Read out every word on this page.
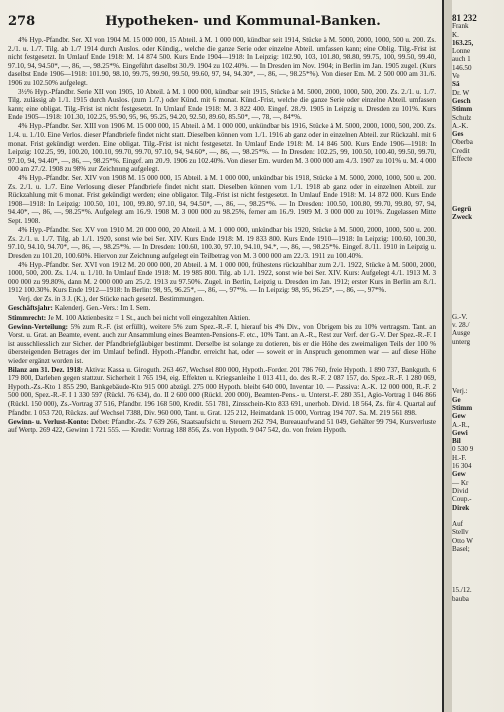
278	Hypotheken- und Kommunal-Banken.

4% Hyp.-Pfandbr. Ser. XI von 1904 M. 15 000 000, 15 Abteil. à M. 1 000 000, kündbar seit 1914, Stücke à M. 5000, 2000, 1000, 500 u. 200. Zs. 2./1. u. 1./7. Tilg. ab 1./7 1914 durch Auslos. oder Kündig., welche die ganze Serie oder einzelne Abteil. umfassen kann; eine Oblig. Tilg.-Frist ist nicht festgesetzt. In Umlauf Ende 1918: M. 14 874 500. Kurs Ende 1904—1918: In Leipzig: 102.90, 103, 101.80, 98.80, 99.75, 100, 99.50, 99.40, 97.10, 94, 94.50*, —, 86, —, 98.25*%. Eingeführt daselbst 30./9. 1904 zu 102.40%. — In Dresden im Nov. 1904; in Berlin im Jan. 1905 zugel. (Kurs daselbst Ende 1906—1918: 101.90, 98.10, 99.75, 99.90, 99.50, 99.60, 97, 94, 94.30*, —, 86, —, 98.25*%). Von dieser Em. M. 2 500 000 am 31./6. 1906 zu 102.50% aufgelegt.

3½% Hyp.-Pfandbr. Serie XII von 1905, 10 Abteil. à M. 1 000 000, kündbar seit 1915, Stücke à M. 5000, 2000, 1000, 500, 200. Zs. 2./1. u. 1./7. Tilg. zulässig ab 1./1. 1915 durch Auslos. (zum 1./7.) oder Künd. mit 6 monat. Künd.-Frist, welche die ganze Serie oder einzelne Abteil. umfassen kann; eine obligat. Tilg.-Frist ist nicht festgesetzt. In Umlauf Ende 1918: M. 3 822 400. Eingef. 28./9. 1905 in Leipzig u. Dresden zu 101%. Kurs Ende 1905—1918: 101.30, 102.25, 95.90, 95, 96, 95.25, 94.20, 92.50, 89.60, 85.50*, —, 78, —, 84*%.

4% Hyp.-Pfandbr. Ser. XIII von 1906 M. 15 000 000, 15 Abteil. à M. 1 000 000, unkündbar bis 1916, Stücke à M. 5000, 2000, 1000, 500, 200. Zs. 1./4. u. 1./10. Eine Verlos. dieser Pfandbriefe findet nicht statt. Dieselben können vom 1./1. 1916 ab ganz oder in einzelnen Abteil. zur Rückzahl. mit 6 monat. Frist gekündigt werden. Eine obligat. Tilg.-Frist ist nicht festgesetzt. In Umlauf Ende 1918: M. 14 846 500. Kurs Ende 1906—1918: In Leipzig: 102.25, 99, 100.20, 100.10, 99.70, 99.70, 97.10, 94, 94.60*, —, 86, —, 98.25*%. — In Dresden: 102.25, 99, 100.50, 100.40, 99.50, 99.70, 97.10, 94, 94.40*, —, 86, —, 98.25*%. Eingef. am 20./9. 1906 zu 102.40%. Von dieser Em. wurden M. 3 000 000 am 4./3. 1907 zu 101% u. M. 4 000 000 am 27./2. 1908 zu 98% zur Zeichnung aufgelegt.

4% Hyp.-Pfandbr. Ser. XIV von 1908 M. 15 000 000, 15 Abteil. à M. 1 000 000, unkündbar bis 1918, Stücke à M. 5000, 2000, 1000, 500 u. 200. Zs. 2./1. u. 1./7. Eine Verlosung dieser Pfandbriefe findet nicht statt. Dieselben können vom 1./1. 1918 ab ganz oder in einzelnen Abteil. zur Rückzahlung mit 6 monat. Frist gekündigt werden; eine obligator. Tilg.-Frist ist nicht festgesetzt. In Umlauf Ende 1918: M. 14 872 000. Kurs Ende 1908—1918: In Leipzig: 100.50, 101, 100, 99.80, 97.10, 94, 94.50*, —, 86, —, 98.25*%. — In Dresden: 100.50, 100.80, 99.70, 99.80, 97, 94, 94.40*, —, 86, —, 98.25*%. Aufgelegt am 16./9. 1908 M. 3 000 000 zu 98.25%, ferner am 16./9. 1909 M. 3 000 000 zu 101%. Zugelassen Mitte Sept. 1908.

4% Hyp.-Pfandbr. Ser. XV von 1910 M. 20 000 000, 20 Abteil. à M. 1 000 000, unkündbar bis 1920, Stücke à M. 5000, 2000, 1000, 500 u. 200. Zs. 2./1. u. 1./7. Tilg. ab 1./1. 1920, sonst wie bei Ser. XIV. Kurs Ende 1918: M. 19 833 800. Kurs Ende 1910—1918: In Leipzig: 100.60, 100.30, 97.10, 94.10, 94.70*, —, 86, —, 98.25*%. — In Dresden: 100.60, 100.30, 97.10, 94.10, 94.*, —, 86, —, 98.25*%. Eingef. 8./11. 1910 in Leipzig u. Dresden zu 101.20, 100.60%. Hiervon zur Zeichnung aufgelegt ein Teilbetrag von M. 3 000 000 am 22./3. 1911 zu 100.40%.

4% Hyp.-Pfandbr. Ser. XVI von 1912 M. 20 000 000, 20 Abteil. à M. 1 000 000, frühestens rückzahlbar zum 2./1. 1922, Stücke à M. 5000, 2000, 1000, 500, 200. Zs. 1./4. u. 1./10. In Umlauf Ende 1918: M. 19 985 800. Tilg. ab 1./1. 1922, sonst wie bei Ser. XIV. Kurs: Aufgelegt 4./1. 1913 M. 3 000 000 zu 99.80%, dann M. 2 000 000 am 25./2. 1913 zu 97.50%. Zugel. in Berlin, Leipzig u. Dresden im Jan. 1912; erster Kurs in Berlin am 8./1. 1912 100.30%. Kurs Ende 1912—1918: In Berlin: 98, 95, 96.25*, —, 86, —, 97*%. — In Leipzig: 98, 95, 96.25*, —, 86, —, 97*%.

Verj. der Zs. in 3 J. (K.), der Stücke nach gesetzl. Bestimmungen.

Geschäftsjahr: Kalenderj. Gen.-Vers.: Im I. Sem.

Stimmrecht: Je M. 100 Aktienbesitz = 1 St., auch bei nicht voll eingezahlten Aktien.

Gewinn-Verteilung: 5% zum R.-F. (ist erfüllt), weitere 5% zum Spez.-R.-F. I, hierauf bis 4% Div., von Übrigem bis zu 10% vertragsm. Tant. an Vorst. u. Grat. an Beamte, event. auch zur Ansammlung eines Beamten-Pensions-F. etc., 10% Tant. an A.-R., Rest zur Verf. der G.-V. Der Spez.-R.-F. I ist ausschliesslich zur Sicher. der Pfandbriefgläubiger bestimmt. Derselbe ist solange zu dotieren, bis er die Höhe des zweimaligen Teils der 100 % übersteigenden Betrages der im Umlauf befindl. Hypoth.-Pfandbr. erreicht hat, oder — soweit er in Anspruch genommen war — auf diese Höhe wieder ergänzt worden ist.

Bilanz am 31. Dez. 1918: Aktiva: Kassa u. Giroguth. 263 467, Wechsel 800 000, Hypoth.-Forder. 201 786 760, freie Hypoth. 1 890 737, Bankguth. 6 179 800, Darlehen gegen stattzur. Sicherheit 1 765 194, eig. Effekten u. Kriegsanleihe 1 013 411, do. des R.-F. 2 087 157, do. Spez.-R.-F. 1 280 069, Hypoth.-Zs.-Kto 1 855 290, Bankgebäude-Kto 915 000 abzügl. 275 000 Hypoth. bleibt 640 000, Inventar 10. — Passiva: A.-K. 12 000 000, R.-F. 2 500 000, Spez.-R.-F. I 1 330 597 (Rückl. 76 634), do. II 2 600 000 (Rückl. 200 000), Beamten-Pens.- u. Unterst.-F. 280 351, Agio-Vortrag 1 046 866 (Rückl. 150 000), Zs.-Vortrag 37 516, Pfandbr. 196 168 500, Kredit. 551 781, Zinsschein-Kto 833 691, unerhob. Divid. 18 564, Zs. für 4. Quartal auf Pfandbr. 1 053 720, Rückzs. auf Wechsel 7388, Div. 960 000, Tant. u. Grat. 125 212, Heimatdank 15 000, Vortrag 194 707. Sa. M. 219 561 898.

Gewinn- u. Verlust-Konto: Debet: Pfandbr.-Zs. 7 639 266, Staatsaufsicht u. Steuern 262 794, Bureauaufwand 51 049, Gehälter 99 794, Kursverluste auf Wertp. 269 422, Gewinn 1 721 555. — Kredit: Vortrag 188 856, Zs. von Hypoth. 9 047 542, do. von freien Hypoth.

81 232
Frank
K.
163.25,
Lonne
auch 1
146.50
Ve
Sä
Dr. W
Gesch
Stimm
Schulz
A.-K.
Ges
Oberba
Credit
Effecte
Gegrü
Zweck
G.-V.
v. 28./
Ausge
unterg
Verj.:
Ge
Stimm
Gew
A.-R.,
Gewi
Bil
0 530 9
H.-F.
16 304
Gew
— Kr
Divid
Coup.-
Direk
Auf
Stellv
Otto W
Basel;
15./12.
bauba
